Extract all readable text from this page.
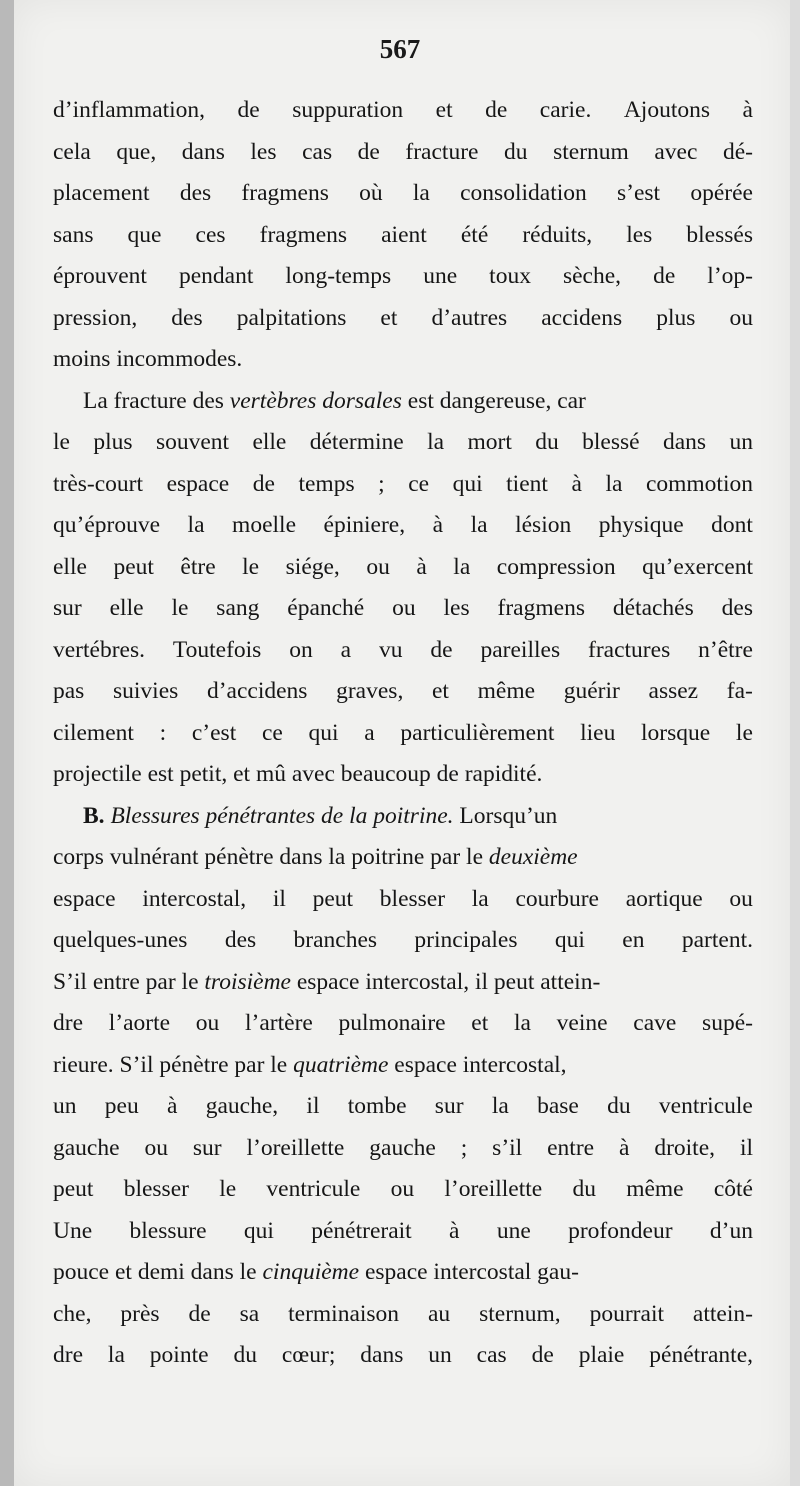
567
d’inflammation, de suppuration et de carie. Ajoutons à
cela que, dans les cas de fracture du sternum avec dé-
placement des fragmens où la consolidation s’est opérée
sans que ces fragmens aient été réduits, les blessés
éprouvent pendant long-temps une toux sèche, de l’op-
pression, des palpitations et d’autres accidens plus ou
moins incommodes.
La fracture des vertèbres dorsales est dangereuse, car
le plus souvent elle détermine la mort du blessé dans un
très-court espace de temps ; ce qui tient à la commotion
qu’éprouve la moelle épiniere, à la lésion physique dont
elle peut être le siége, ou à la compression qu’exercent
sur elle le sang épanché ou les fragmens détachés des
vertébres. Toutefois on a vu de pareilles fractures n’être
pas suivies d’accidens graves, et même guérir assez fa-
cilement : c’est ce qui a particulièrement lieu lorsque le
projectile est petit, et mû avec beaucoup de rapidité.
B. Blessures pénétrantes de la poitrine. Lorsqu’un
corps vulnérant pénètre dans la poitrine par le deuxième
espace intercostal, il peut blesser la courbure aortique ou
quelques-unes des branches principales qui en partent.
S’il entre par le troisième espace intercostal, il peut attein-
dre l’aorte ou l’artère pulmonaire et la veine cave supé-
rieure. S’il pénètre par le quatrième espace intercostal,
un peu à gauche, il tombe sur la base du ventricule
gauche ou sur l’oreillette gauche ; s’il entre à droite, il
peut blesser le ventricule ou l’oreillette du même côté
Une blessure qui pénétrerait à une profondeur d’un
pouce et demi dans le cinquième espace intercostal gau-
che, près de sa terminaison au sternum, pourrait attein-
dre la pointe du cœur; dans un cas de plaie pénétrante,
